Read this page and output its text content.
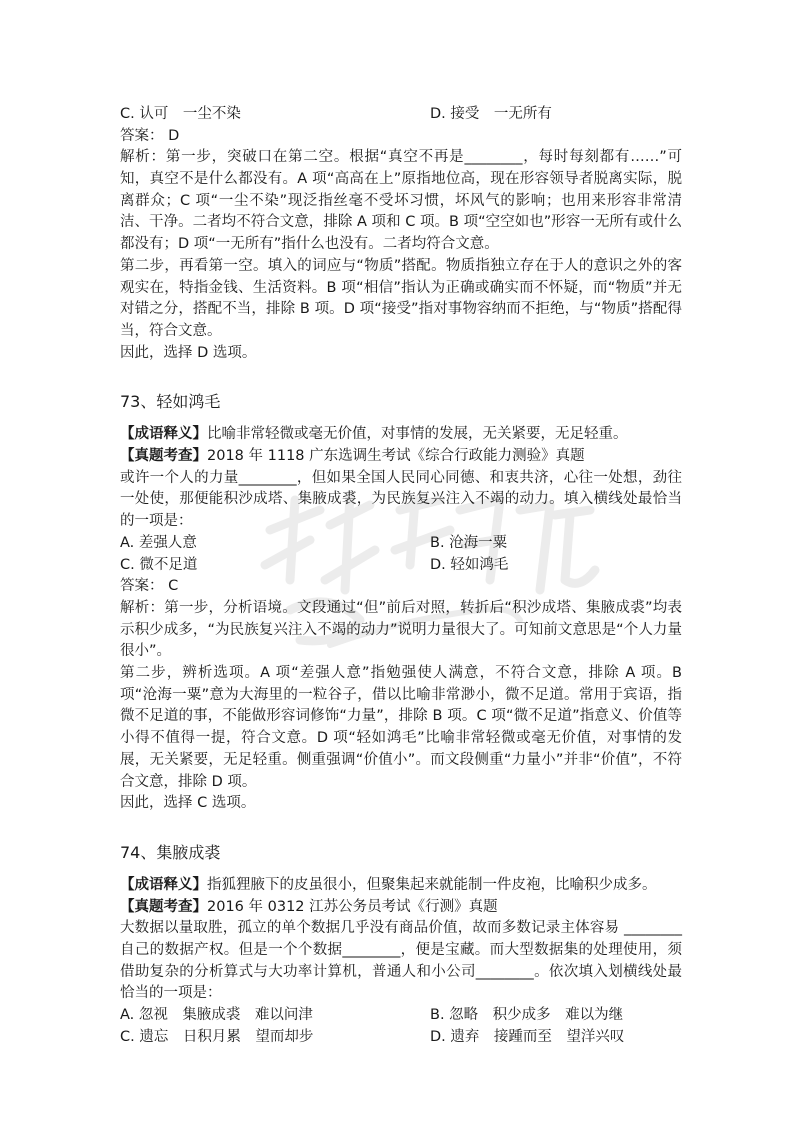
C. 认可　一尘不染	D. 接受　一无所有
答案： D
解析：第一步，突破口在第二空。根据“真空不再是________，每时每刻都有……”可知，真空不是什么都没有。A 项“高高在上”原指地位高，现在形容领导者脱离实际，脱离群众；C 项“一尘不染”现泛指丝毫不受坏习惯，坏风气的影响；也用来形容非常清洁、干净。二者均不符合文意，排除 A 项和 C 项。B 项“空空如也”形容一无所有或什么都没有；D 项“一无所有”指什么也没有。二者均符合文意。
第二步，再看第一空。填入的词应与“物质”搭配。物质指独立存在于人的意识之外的客观实在，特指金钱、生活资料。B 项“相信”指认为正确或确实而不怀疑，而“物质”并无对错之分，搭配不当，排除 B 项。D 项“接受”指对事物容纳而不拒绝，与“物质”搭配得当，符合文意。
因此，选择 D 选项。
73、轻如鸿毛
【成语释义】比喻非常轻微或毫无价值，对事情的发展，无关紧要，无足轻重。
【真题考查】2018 年 1118 广东选调生考试《综合行政能力测验》真题
或许一个人的力量________，但如果全国人民同心同德、和衷共济，心往一处想，劲往一处使，那便能积沙成塔、集腋成裘，为民族复兴注入不竭的动力。填入横线处最恰当的一项是：
A. 差强人意	B. 沧海一粟
C. 微不足道	D. 轻如鸿毛
答案： C
解析：第一步，分析语境。文段通过“但”前后对照，转折后“积沙成塔、集腋成裘”均表示积少成多，“为民族复兴注入不竭的动力”说明力量很大了。可知前文意思是“个人力量很小”。
第二步，辨析选项。A 项“差强人意”指勉强使人满意，不符合文意，排除 A 项。B 项“沧海一粟”意为大海里的一粒谷子，借以比喻非常渺小，微不足道。常用于宾语，指微不足道的事，不能做形容词修饰“力量”，排除 B 项。C 项“微不足道”指意义、价值等小得不值得一提，符合文意。D 项“轻如鸿毛”比喻非常轻微或毫无价值，对事情的发展，无关紧要，无足轻重。侧重强调“价值小”。而文段侧重“力量小”并非“价值”，不符合文意，排除 D 项。
因此，选择 C 选项。
74、集腋成裘
【成语释义】指狐狸腋下的皮虽很小，但聚集起来就能制一件皮袍，比喻积少成多。
【真题考查】2016 年 0312 江苏公务员考试《行测》真题
大数据以量取胜，孤立的单个数据几乎没有商品价值，故而多数记录主体容易 ________自己的数据产权。但是一个个数据________，便是宝藏。而大型数据集的处理使用，须借助复杂的分析算式与大功率计算机，普通人和小公司________。依次填入划横线处最恰当的一项是：
A. 忽视　集腋成裘　难以问津	B. 忽略　积少成多　难以为继
C. 遗忘　日积月累　望而却步	D. 遗弃　接踵而至　望洋兴叹
